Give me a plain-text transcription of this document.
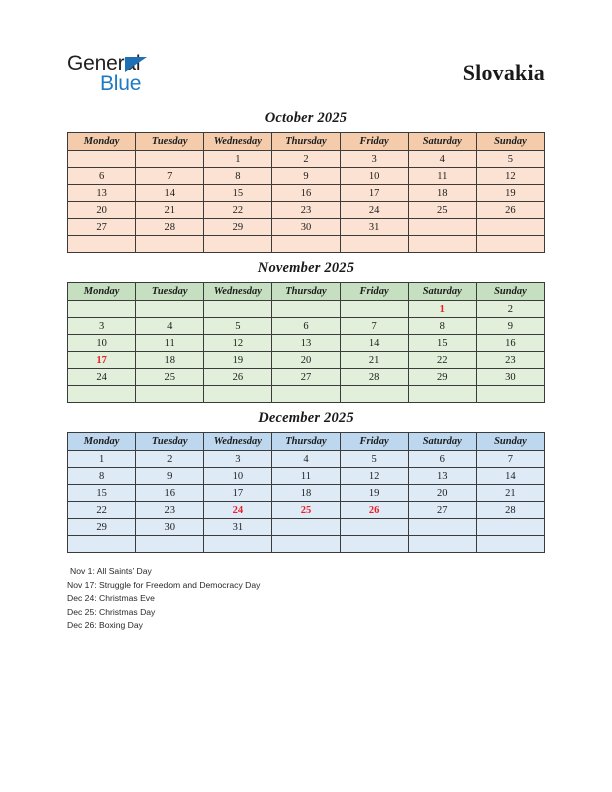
General
Blue	Slovakia
October 2025
Monday	Tuesday	Wednesday	Thursday	Friday	Saturday	Sunday
		1	2	3	4	5
6	7	8	9	10	11	12
13	14	15	16	17	18	19
20	21	22	23	24	25	26
27	28	29	30	31		

November 2025
Monday	Tuesday	Wednesday	Thursday	Friday	Saturday	Sunday
					1	2
3	4	5	6	7	8	9
10	11	12	13	14	15	16
17	18	19	20	21	22	23
24	25	26	27	28	29	30

December 2025
Monday	Tuesday	Wednesday	Thursday	Friday	Saturday	Sunday
1	2	3	4	5	6	7
8	9	10	11	12	13	14
15	16	17	18	19	20	21
22	23	24	25	26	27	28
29	30	31				

Nov 1: All Saints’ Day
Nov 17: Struggle for Freedom and Democracy Day
Dec 24: Christmas Eve
Dec 25: Christmas Day
Dec 26: Boxing Day
